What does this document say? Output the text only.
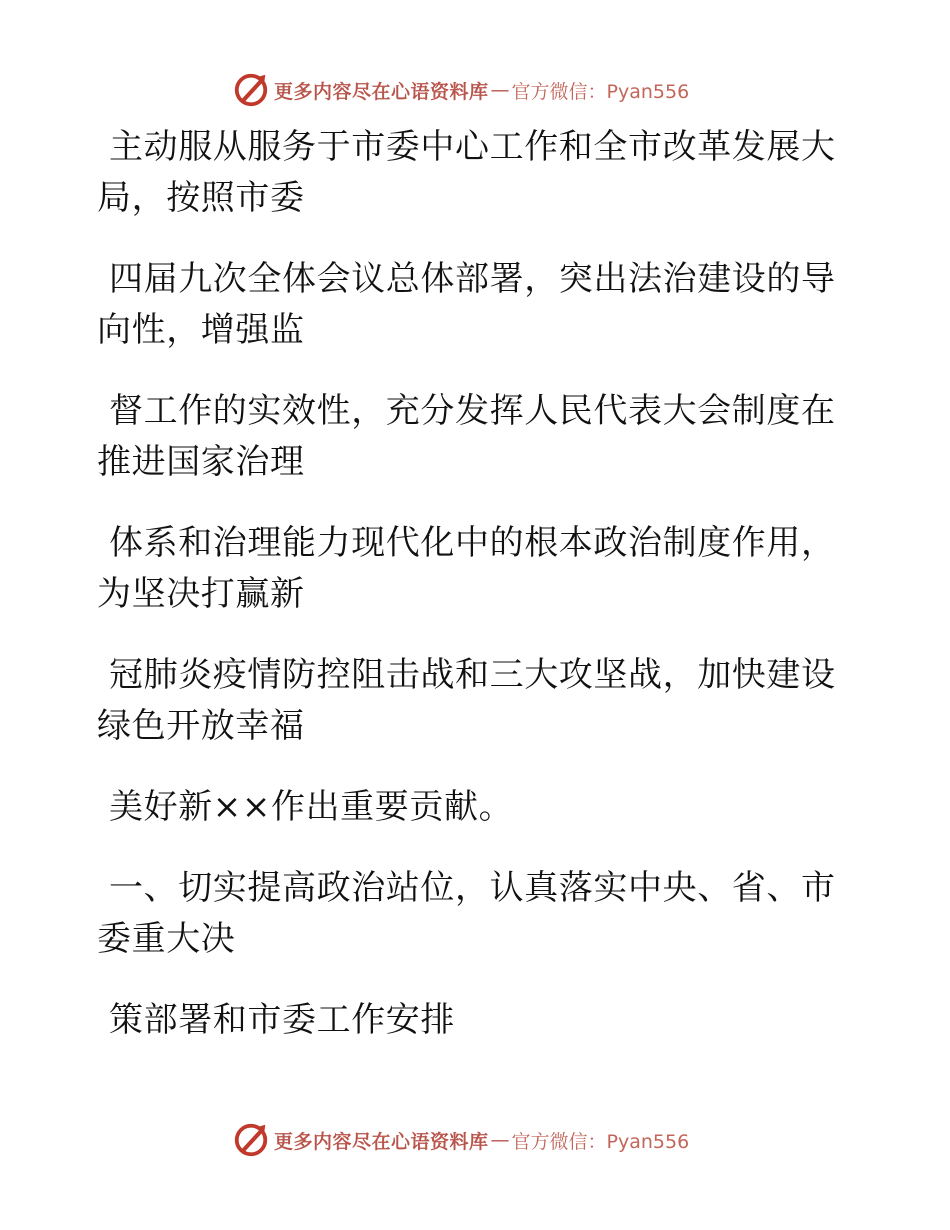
更多内容尽在心语资料库 — 官方微信：Pyan556

主动服从服务于市委中心工作和全市改革发展大
局，按照市委

四届九次全体会议总体部署，突出法治建设的导
向性，增强监

督工作的实效性，充分发挥人民代表大会制度在
推进国家治理

体系和治理能力现代化中的根本政治制度作用，
为坚决打赢新

冠肺炎疫情防控阻击战和三大攻坚战，加快建设
绿色开放幸福

美好新××作出重要贡献。

一、切实提高政治站位，认真落实中央、省、市
委重大决

策部署和市委工作安排

更多内容尽在心语资料库 — 官方微信：Pyan556
